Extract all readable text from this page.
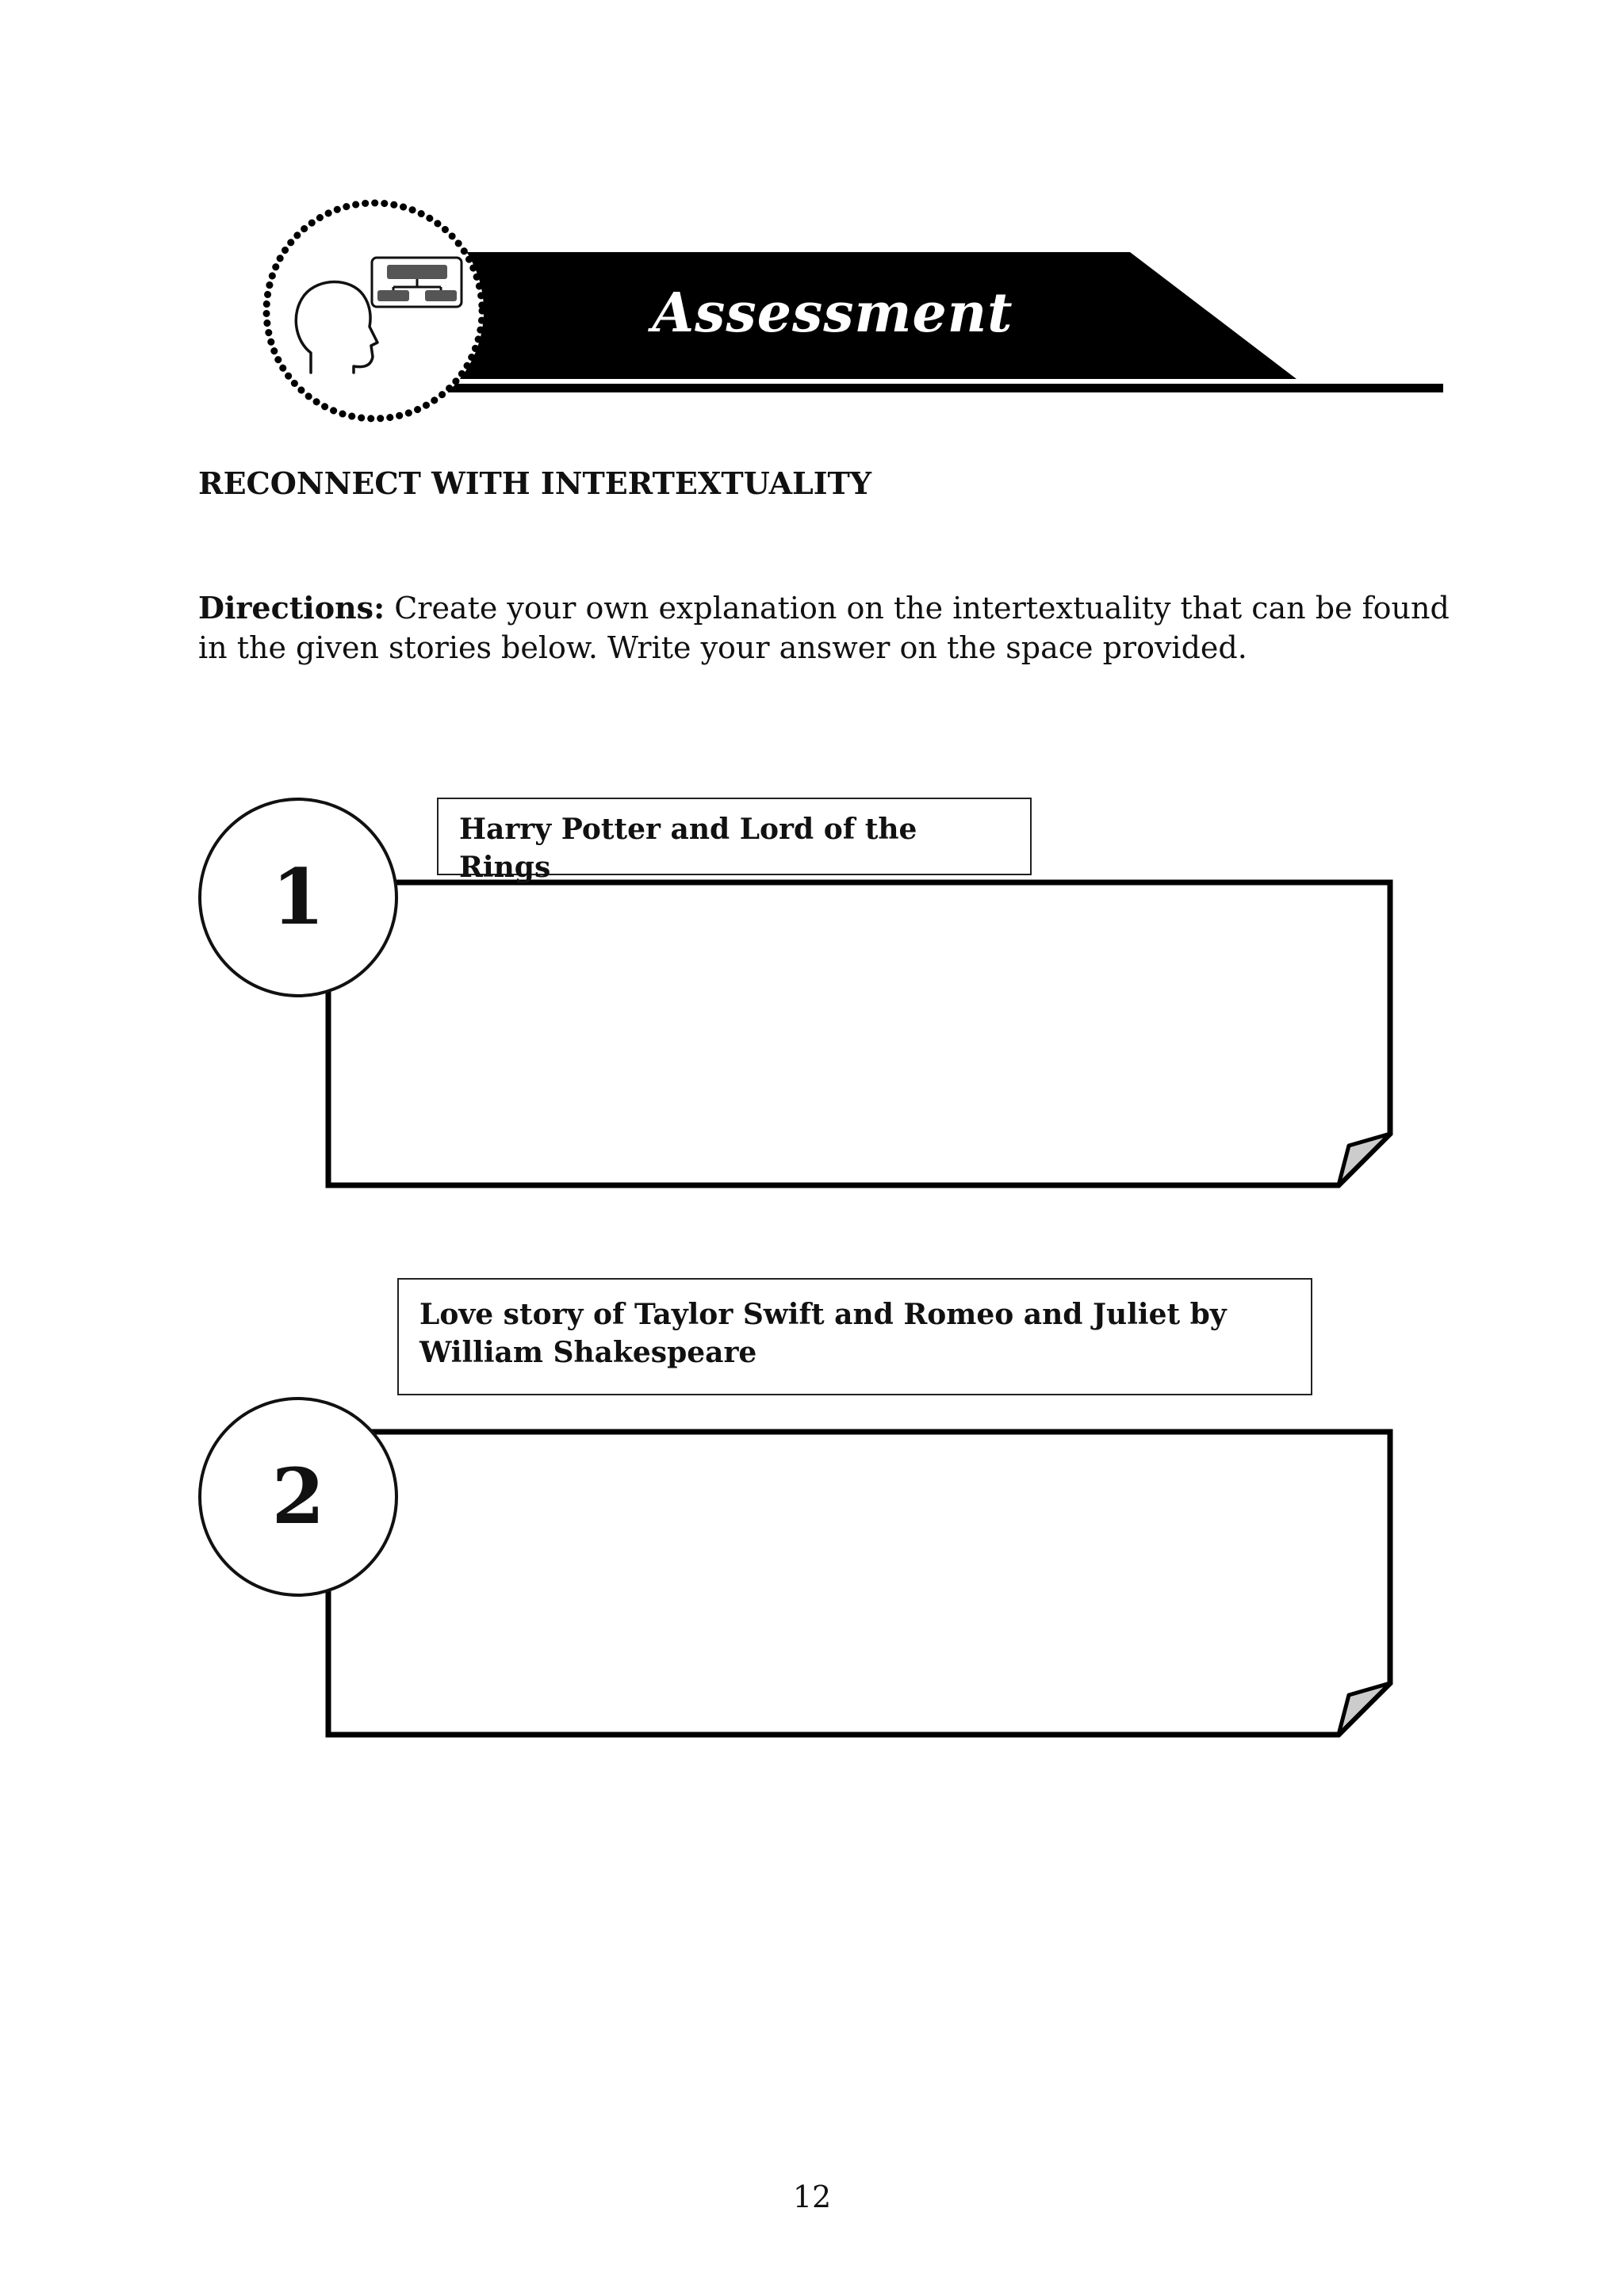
Assessment
RECONNECT WITH INTERTEXTUALITY
Directions: Create your own explanation on the intertextuality that can be found in the given stories below. Write your answer on the space provided.
Harry Potter and Lord of the Rings
1
Love story of Taylor Swift and Romeo and Juliet by William Shakespeare
2
12
